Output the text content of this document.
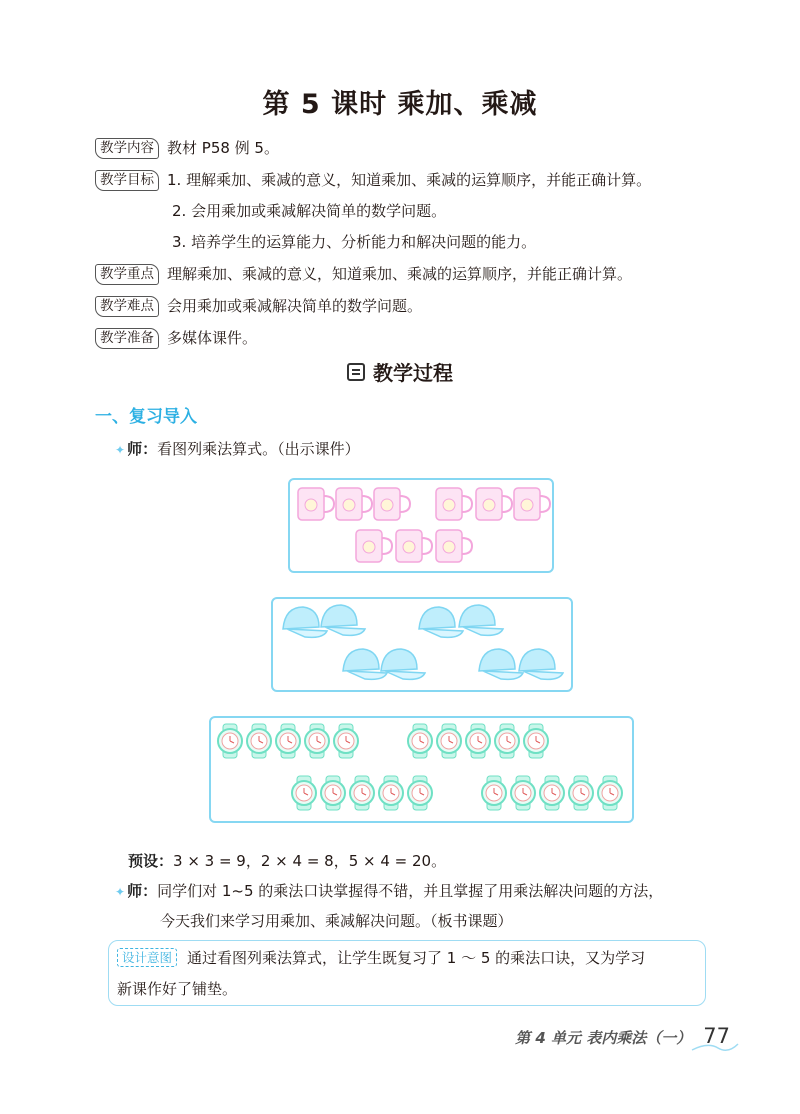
第 5 课时 乘加、乘减
教学内容 教材 P58 例 5。
教学目标 1. 理解乘加、乘减的意义，知道乘加、乘减的运算顺序，并能正确计算。
2. 会用乘加或乘减解决简单的数学问题。
3. 培养学生的运算能力、分析能力和解决问题的能力。
教学重点 理解乘加、乘减的意义，知道乘加、乘减的运算顺序，并能正确计算。
教学难点 会用乘加或乘减解决简单的数学问题。
教学准备 多媒体课件。
教学过程
一、复习导入
✦ 师：看图列乘法算式。（出示课件）
预设：3 × 3 = 9，2 × 4 = 8，5 × 4 = 20。
✦ 师：同学们对 1~5 的乘法口诀掌握得不错，并且掌握了用乘法解决问题的方法，
今天我们来学习用乘加、乘减解决问题。（板书课题）
设计意图 通过看图列乘法算式，让学生既复习了 1 ～ 5 的乘法口诀，又为学习
新课作好了铺垫。
第 4 单元 表内乘法（一） 77
